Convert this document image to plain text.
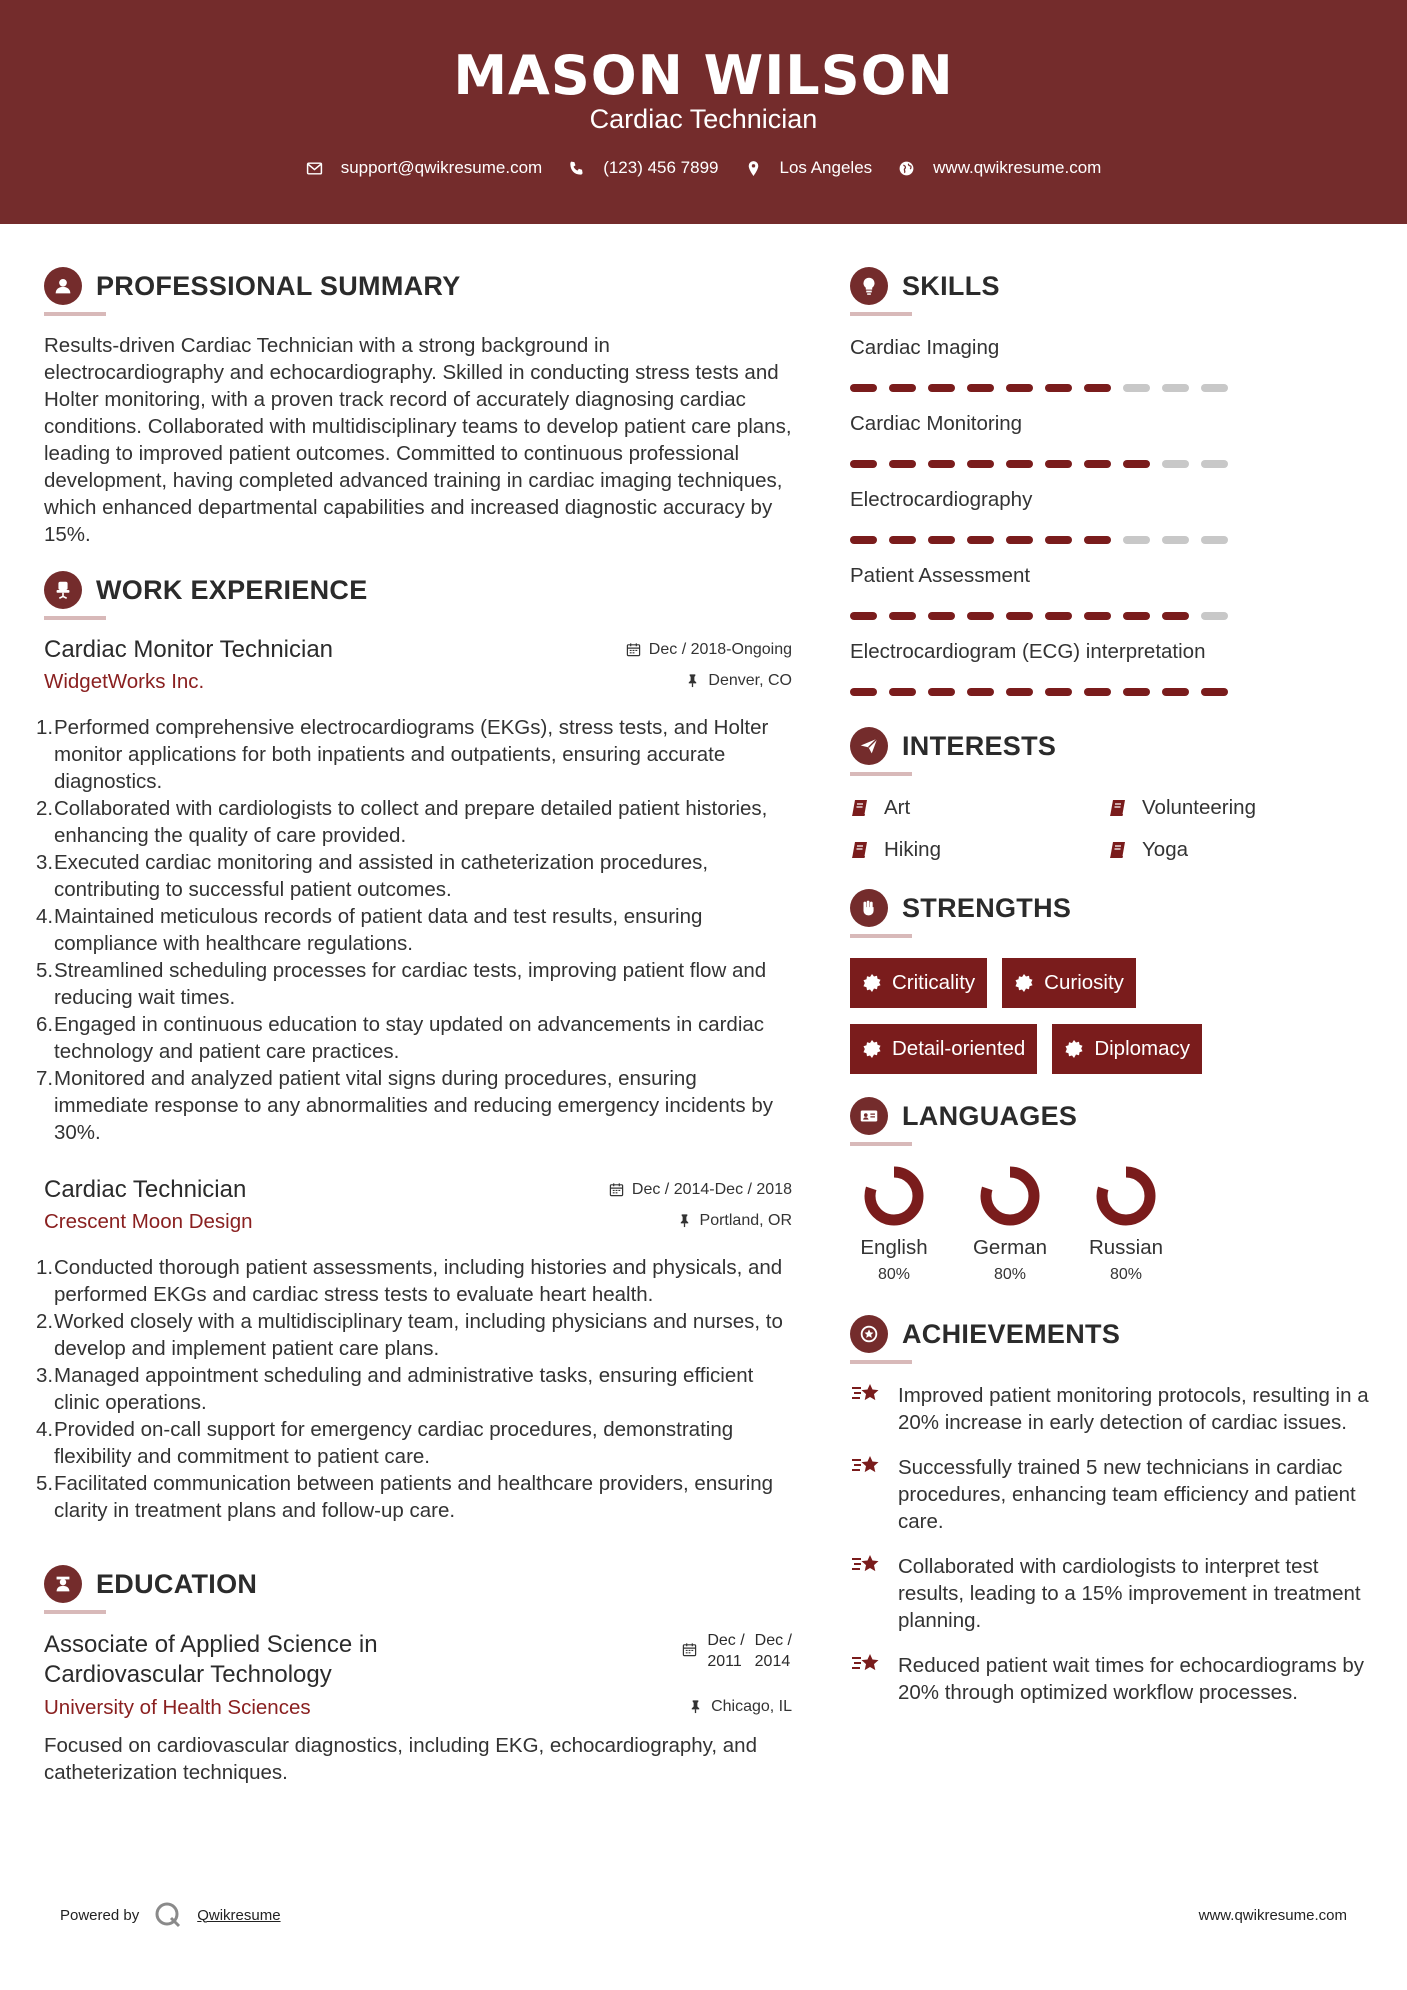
MASON WILSON
Cardiac Technician
support@qwikresume.com	(123) 456 7899	Los Angeles	www.qwikresume.com
PROFESSIONAL SUMMARY

Results-driven Cardiac Technician with a strong background in electrocardiography and echocardiography. Skilled in conducting stress tests and Holter monitoring, with a proven track record of accurately diagnosing cardiac conditions. Collaborated with multidisciplinary teams to develop patient care plans, leading to improved patient outcomes. Committed to continuous professional development, having completed advanced training in cardiac imaging techniques, which enhanced departmental capabilities and increased diagnostic accuracy by 15%.

WORK EXPERIENCE
Cardiac Monitor Technician	Dec / 2018-Ongoing
WidgetWorks Inc.	Denver, CO
1. Performed comprehensive electrocardiograms (EKGs), stress tests, and Holter monitor applications for both inpatients and outpatients, ensuring accurate diagnostics.
2. Collaborated with cardiologists to collect and prepare detailed patient histories, enhancing the quality of care provided.
3. Executed cardiac monitoring and assisted in catheterization procedures, contributing to successful patient outcomes.
4. Maintained meticulous records of patient data and test results, ensuring compliance with healthcare regulations.
5. Streamlined scheduling processes for cardiac tests, improving patient flow and reducing wait times.
6. Engaged in continuous education to stay updated on advancements in cardiac technology and patient care practices.
7. Monitored and analyzed patient vital signs during procedures, ensuring immediate response to any abnormalities and reducing emergency incidents by 30%.
Cardiac Technician	Dec / 2014-Dec / 2018
Crescent Moon Design	Portland, OR
1. Conducted thorough patient assessments, including histories and physicals, and performed EKGs and cardiac stress tests to evaluate heart health.
2. Worked closely with a multidisciplinary team, including physicians and nurses, to develop and implement patient care plans.
3. Managed appointment scheduling and administrative tasks, ensuring efficient clinic operations.
4. Provided on-call support for emergency cardiac procedures, demonstrating flexibility and commitment to patient care.
5. Facilitated communication between patients and healthcare providers, ensuring clarity in treatment plans and follow-up care.
EDUCATION
Associate of Applied Science in Cardiovascular Technology
Dec /
2011
Dec /
2014
University of Health Sciences	Chicago, IL

Focused on cardiovascular diagnostics, including EKG, echocardiography, and catheterization techniques.

SKILLS
Cardiac Imaging
Cardiac Monitoring
Electrocardiography
Patient Assessment
Electrocardiogram (ECG) interpretation
INTERESTS
Art	Volunteering
Hiking	Yoga
STRENGTHS
Criticality	Curiosity
Detail-oriented	Diplomacy
LANGUAGES
English
80%
German
80%
Russian
80%
ACHIEVEMENTS
Improved patient monitoring protocols, resulting in a 20% increase in early detection of cardiac issues.
Successfully trained 5 new technicians in cardiac procedures, enhancing team efficiency and patient care.
Collaborated with cardiologists to interpret test results, leading to a 15% improvement in treatment planning.
Reduced patient wait times for echocardiograms by 20% through optimized workflow processes.
Powered by	Qwikresume	www.qwikresume.com
